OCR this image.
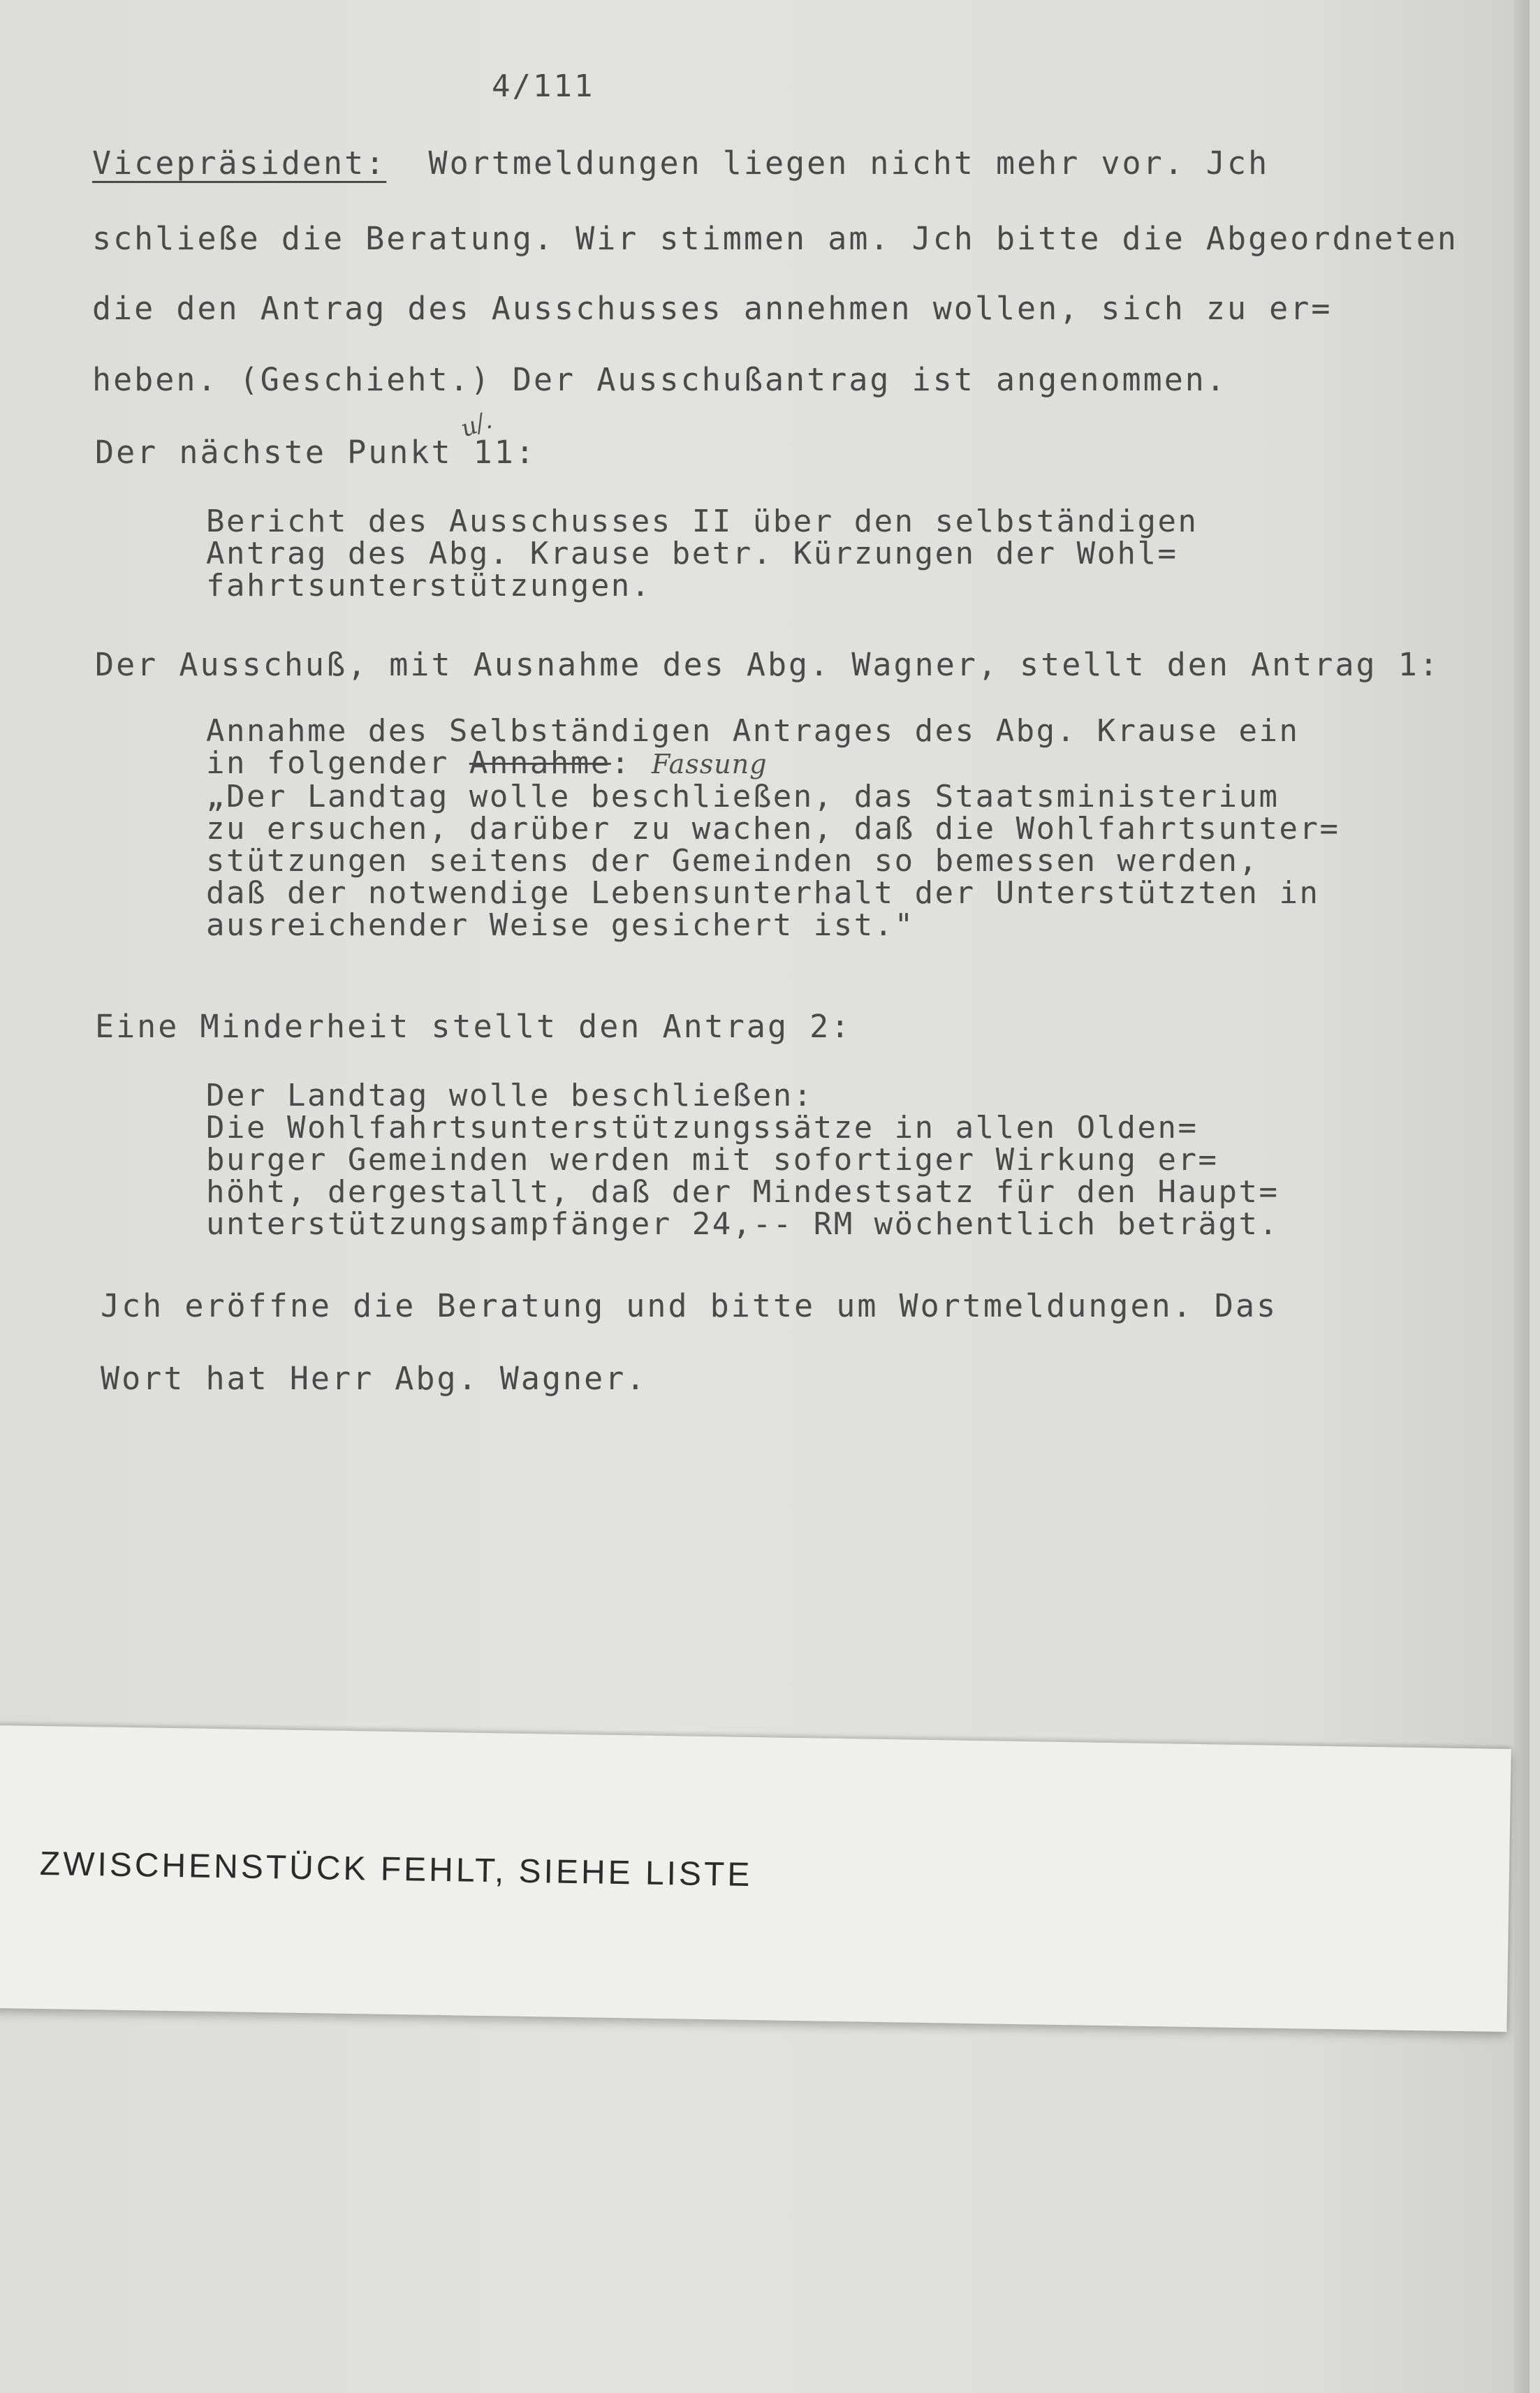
4/111
Vicepräsident:  Wortmeldungen liegen nicht mehr vor. Jch
schließe die Beratung. Wir stimmen am. Jch bitte die Abgeordneten
die den Antrag des Ausschusses annehmen wollen, sich zu er=
heben. (Geschieht.) Der Ausschußantrag ist angenommen.
Der nächste Punkt 11:
u/.
Bericht des Ausschusses II über den selbständigen
Antrag des Abg. Krause betr. Kürzungen der Wohl=
fahrtsunterstützungen.
Der Ausschuß, mit Ausnahme des Abg. Wagner, stellt den Antrag 1:
Annahme des Selbständigen Antrages des Abg. Krause ein
in folgender Annahme: Fassung
„Der Landtag wolle beschließen, das Staatsministerium
zu ersuchen, darüber zu wachen, daß die Wohlfahrtsunter=
stützungen seitens der Gemeinden so bemessen werden,
daß der notwendige Lebensunterhalt der Unterstützten in
ausreichender Weise gesichert ist."
Eine Minderheit stellt den Antrag 2:
Der Landtag wolle beschließen:
Die Wohlfahrtsunterstützungssätze in allen Olden=
burger Gemeinden werden mit sofortiger Wirkung er=
höht, dergestallt, daß der Mindestsatz für den Haupt=
unterstützungsampfänger 24,-- RM wöchentlich beträgt.
Jch eröffne die Beratung und bitte um Wortmeldungen. Das
Wort hat Herr Abg. Wagner.
ZWISCHENSTÜCK FEHLT, SIEHE LISTE
